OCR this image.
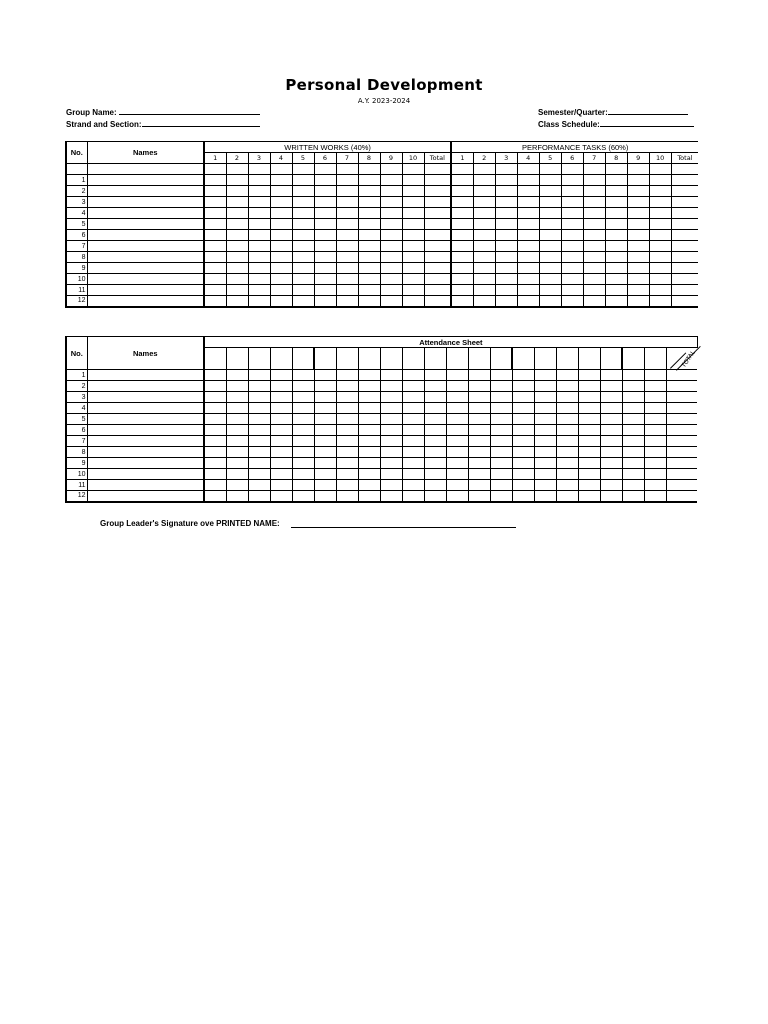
Personal Development
A.Y. 2023-2024
Group Name:
Strand and Section:
Semester/Quarter:
Class Schedule:
No.	Names	WRITTEN WORKS (40%)											PERFORMANCE TASKS (60%)										
		1	2	3	4	5	6	7	8	9	10	Total	1	2	3	4	5	6	7	8	9	10	Total

1																							
2																							
3																							
4																							
5																							
6																							
7																							
8																							
9																							
10																							
11																							
12																							
No.	Names	Attendance Sheet																					

1																							
2																							
3																							
4																							
5																							
6																							
7																							
8																							
9																							
10																							
11																							
12																							
TOTAL
Group Leader's Signature ove PRINTED NAME:
